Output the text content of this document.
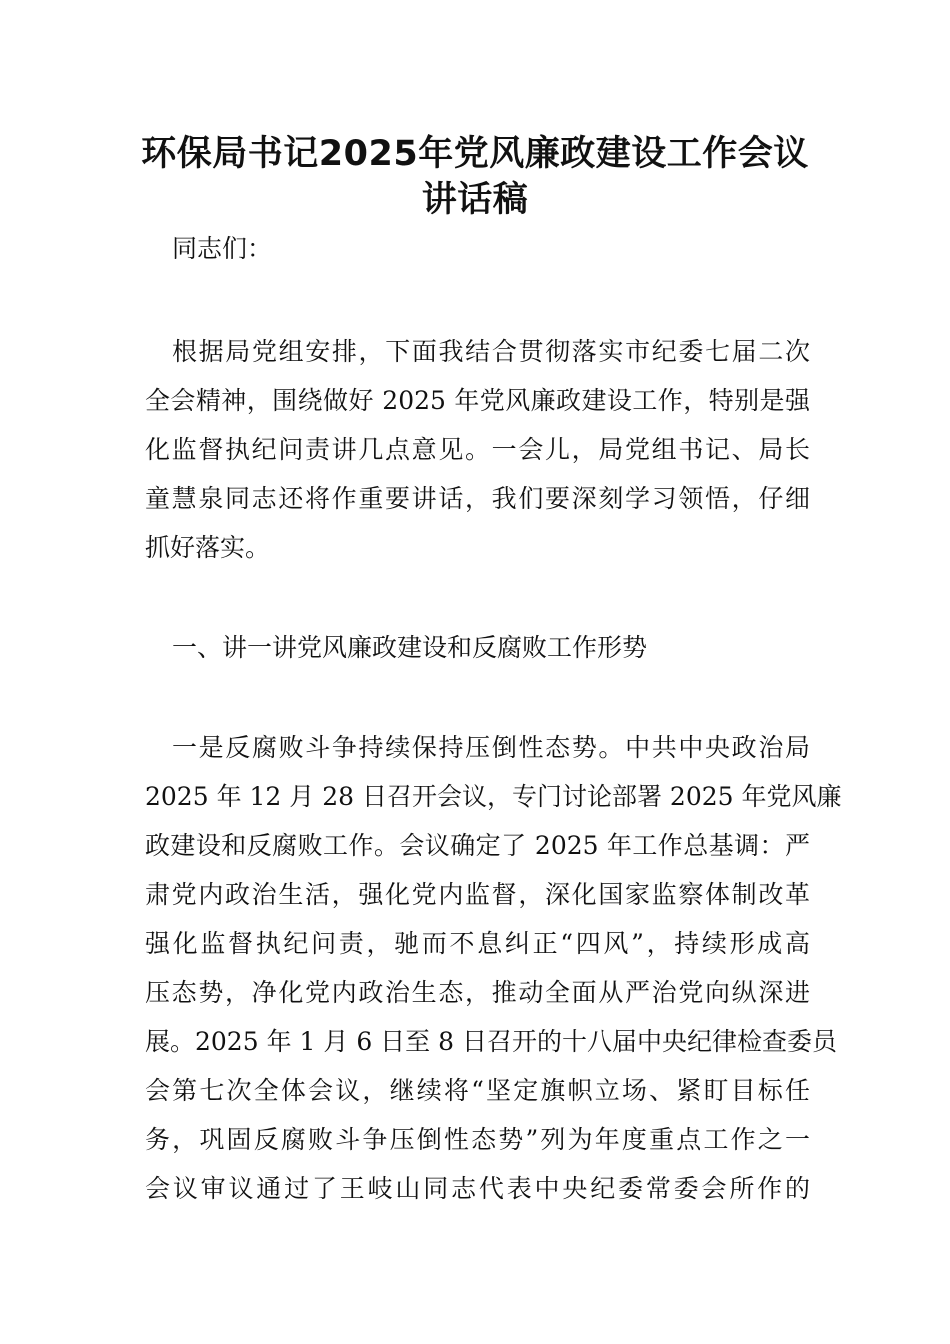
环保局书记2025年党风廉政建设工作会议
讲话稿

同志们：

根据局党组安排，下面我结合贯彻落实市纪委七届二次

全会精神，围绕做好 2025 年党风廉政建设工作，特别是强

化监督执纪问责讲几点意见。一会儿，局党组书记、局长

童慧泉同志还将作重要讲话，我们要深刻学习领悟，仔细

抓好落实。

一、讲一讲党风廉政建设和反腐败工作形势

一是反腐败斗争持续保持压倒性态势。中共中央政治局

2025 年 12 月 28 日召开会议，专门讨论部署 2025 年党风廉

政建设和反腐败工作。会议确定了 2025 年工作总基调：严

肃党内政治生活，强化党内监督，深化国家监察体制改革

强化监督执纪问责，驰而不息纠正“四风”，持续形成高

压态势，净化党内政治生态，推动全面从严治党向纵深进

展。2025 年 1 月 6 日至 8 日召开的十八届中央纪律检查委员

会第七次全体会议，继续将“坚定旗帜立场、紧盯目标任

务，巩固反腐败斗争压倒性态势”列为年度重点工作之一

会议审议通过了王岐山同志代表中央纪委常委会所作的
